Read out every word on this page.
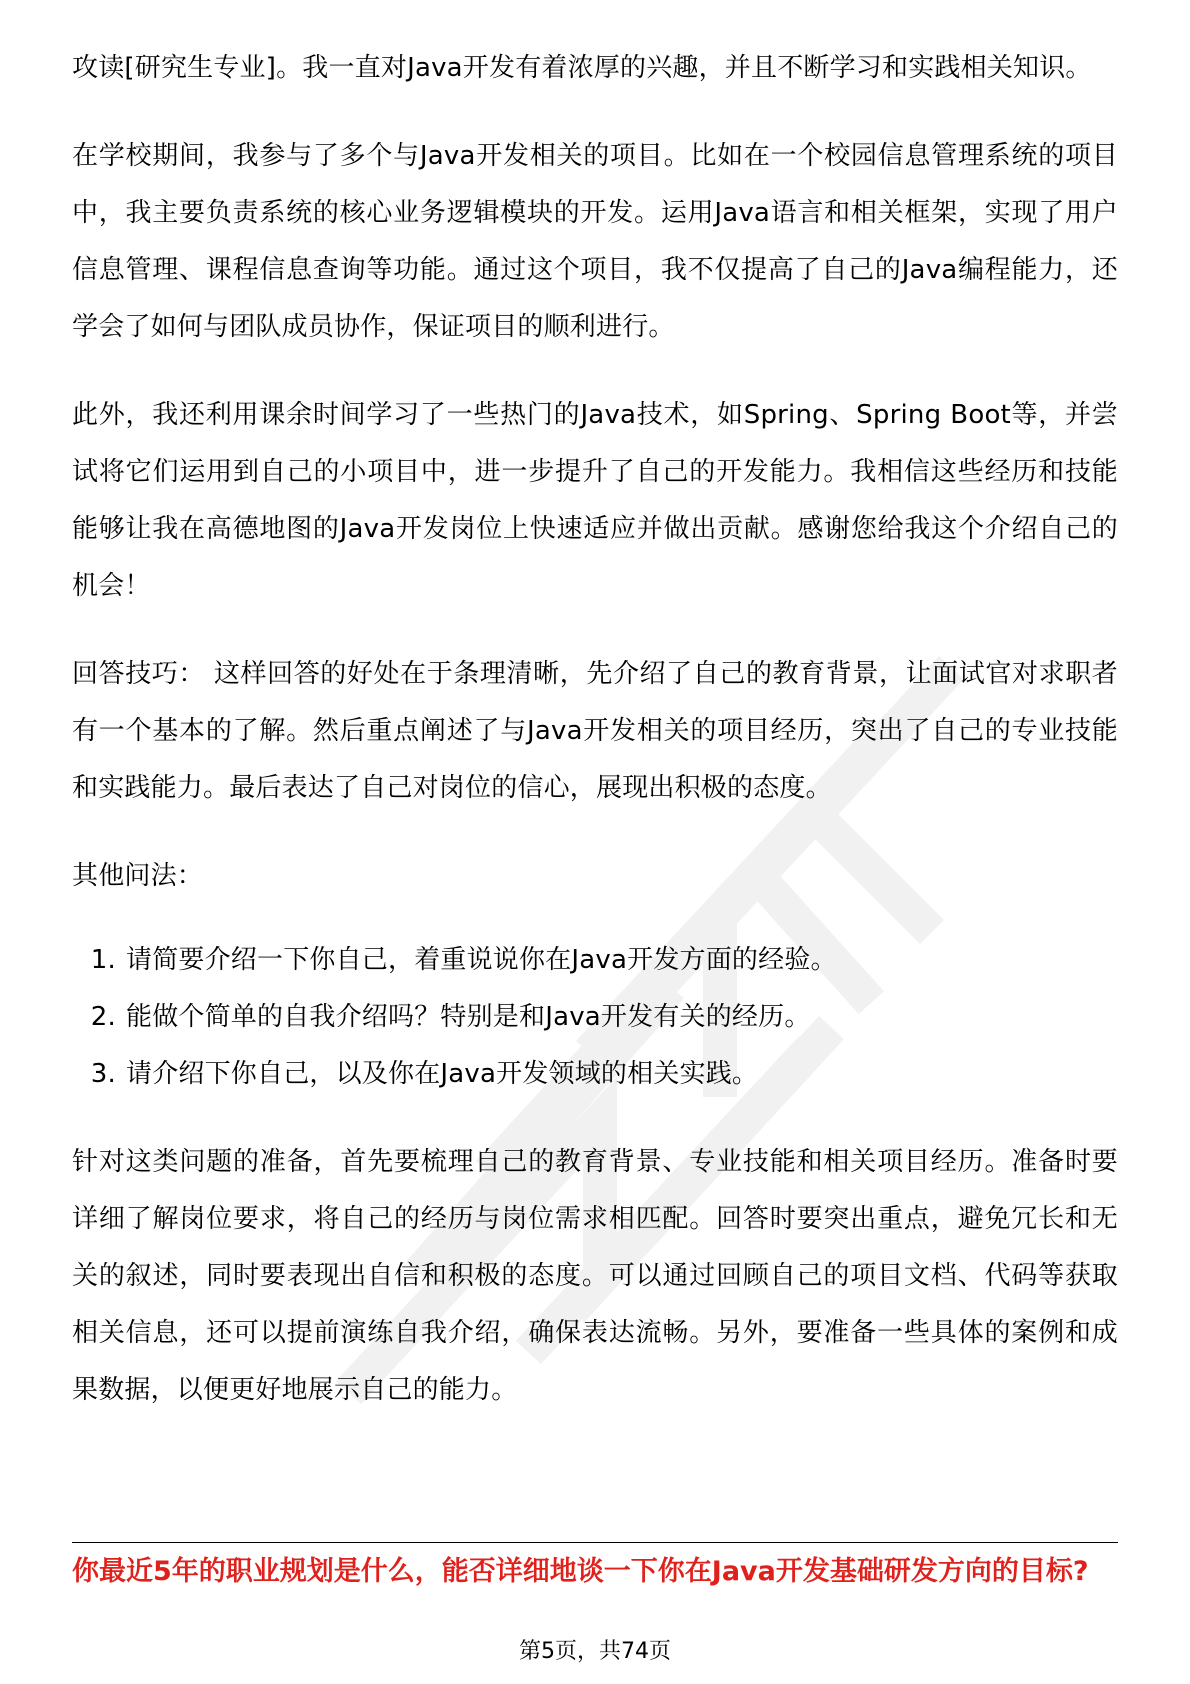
攻读[研究生专业]。我一直对Java开发有着浓厚的兴趣，并且不断学习和实践相关知识。

在学校期间，我参与了多个与Java开发相关的项目。比如在一个校园信息管理系统的项目中，我主要负责系统的核心业务逻辑模块的开发。运用Java语言和相关框架，实现了用户信息管理、课程信息查询等功能。通过这个项目，我不仅提高了自己的Java编程能力，还学会了如何与团队成员协作，保证项目的顺利进行。

此外，我还利用课余时间学习了一些热门的Java技术，如Spring、Spring Boot等，并尝试将它们运用到自己的小项目中，进一步提升了自己的开发能力。我相信这些经历和技能能够让我在高德地图的Java开发岗位上快速适应并做出贡献。感谢您给我这个介绍自己的机会！

回答技巧： 这样回答的好处在于条理清晰，先介绍了自己的教育背景，让面试官对求职者有一个基本的了解。然后重点阐述了与Java开发相关的项目经历，突出了自己的专业技能和实践能力。最后表达了自己对岗位的信心，展现出积极的态度。

其他问法：

1. 请简要介绍一下你自己，着重说说你在Java开发方面的经验。
2. 能做个简单的自我介绍吗？特别是和Java开发有关的经历。
3. 请介绍下你自己，以及你在Java开发领域的相关实践。

针对这类问题的准备，首先要梳理自己的教育背景、专业技能和相关项目经历。准备时要详细了解岗位要求，将自己的经历与岗位需求相匹配。回答时要突出重点，避免冗长和无关的叙述，同时要表现出自信和积极的态度。可以通过回顾自己的项目文档、代码等获取相关信息，还可以提前演练自我介绍，确保表达流畅。另外，要准备一些具体的案例和成果数据，以便更好地展示自己的能力。

你最近5年的职业规划是什么，能否详细地谈一下你在Java开发基础研发方向的目标?
第5页，共74页
